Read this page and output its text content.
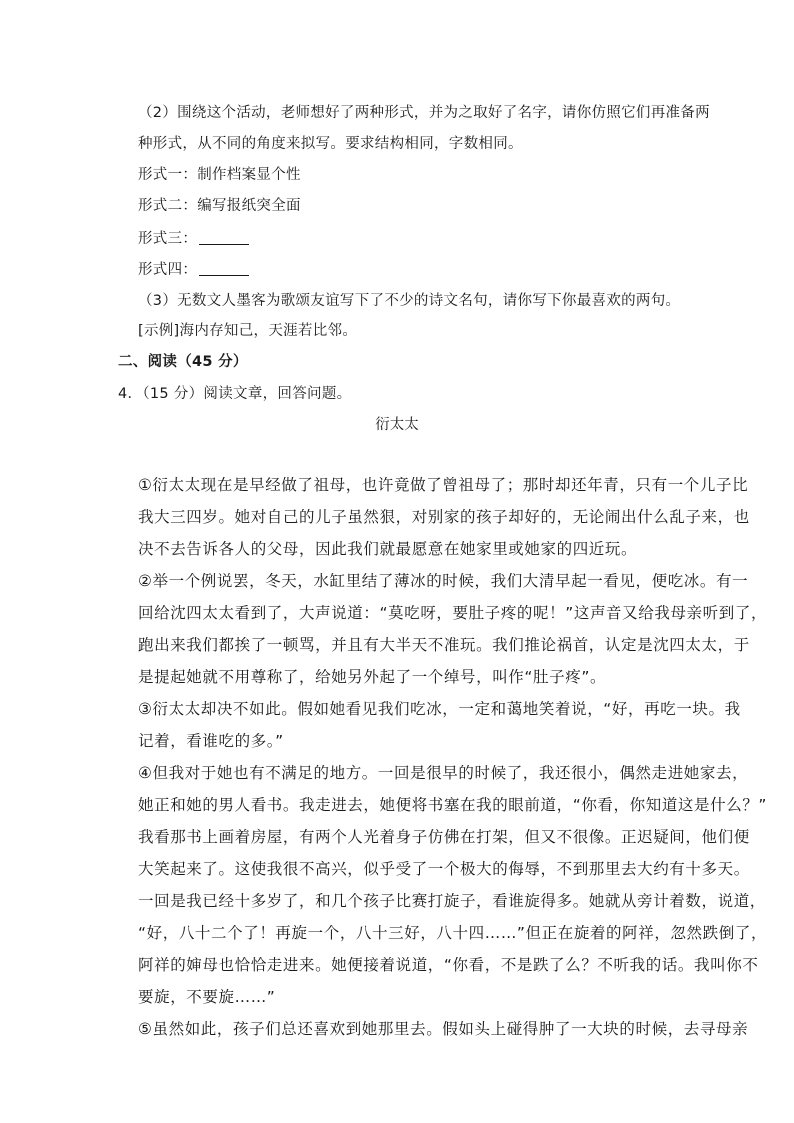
（2）围绕这个活动，老师想好了两种形式，并为之取好了名字，请你仿照它们再准备两
种形式，从不同的角度来拟写。要求结构相同，字数相同。
形式一：制作档案显个性
形式二：编写报纸突全面
形式三：
形式四：
（3）无数文人墨客为歌颂友谊写下了不少的诗文名句，请你写下你最喜欢的两句。
[示例]海内存知己，天涯若比邻。
二、阅读（45 分）
4．（15 分）阅读文章，回答问题。
衍太太
①衍太太现在是早经做了祖母，也许竟做了曾祖母了；那时却还年青，只有一个儿子比
我大三四岁。她对自己的儿子虽然狠，对别家的孩子却好的，无论闹出什么乱子来，也
决不去告诉各人的父母，因此我们就最愿意在她家里或她家的四近玩。
②举一个例说罢，冬天，水缸里结了薄冰的时候，我们大清早起一看见，便吃冰。有一
回给沈四太太看到了，大声说道：“莫吃呀，要肚子疼的呢！”这声音又给我母亲听到了，
跑出来我们都挨了一顿骂，并且有大半天不准玩。我们推论祸首，认定是沈四太太，于
是提起她就不用尊称了，给她另外起了一个绰号，叫作“肚子疼”。
③衍太太却决不如此。假如她看见我们吃冰，一定和蔼地笑着说，“好，再吃一块。我
记着，看谁吃的多。”
④但我对于她也有不满足的地方。一回是很早的时候了，我还很小，偶然走进她家去，
她正和她的男人看书。我走进去，她便将书塞在我的眼前道，“你看，你知道这是什么？”
我看那书上画着房屋，有两个人光着身子仿佛在打架，但又不很像。正迟疑间，他们便
大笑起来了。这使我很不高兴，似乎受了一个极大的侮辱，不到那里去大约有十多天。
一回是我已经十多岁了，和几个孩子比赛打旋子，看谁旋得多。她就从旁计着数，说道，
“好，八十二个了！再旋一个，八十三好，八十四……”但正在旋着的阿祥，忽然跌倒了，
阿祥的婶母也恰恰走进来。她便接着说道，“你看，不是跌了么？不听我的话。我叫你不
要旋，不要旋……”
⑤虽然如此，孩子们总还喜欢到她那里去。假如头上碰得肿了一大块的时候，去寻母亲
